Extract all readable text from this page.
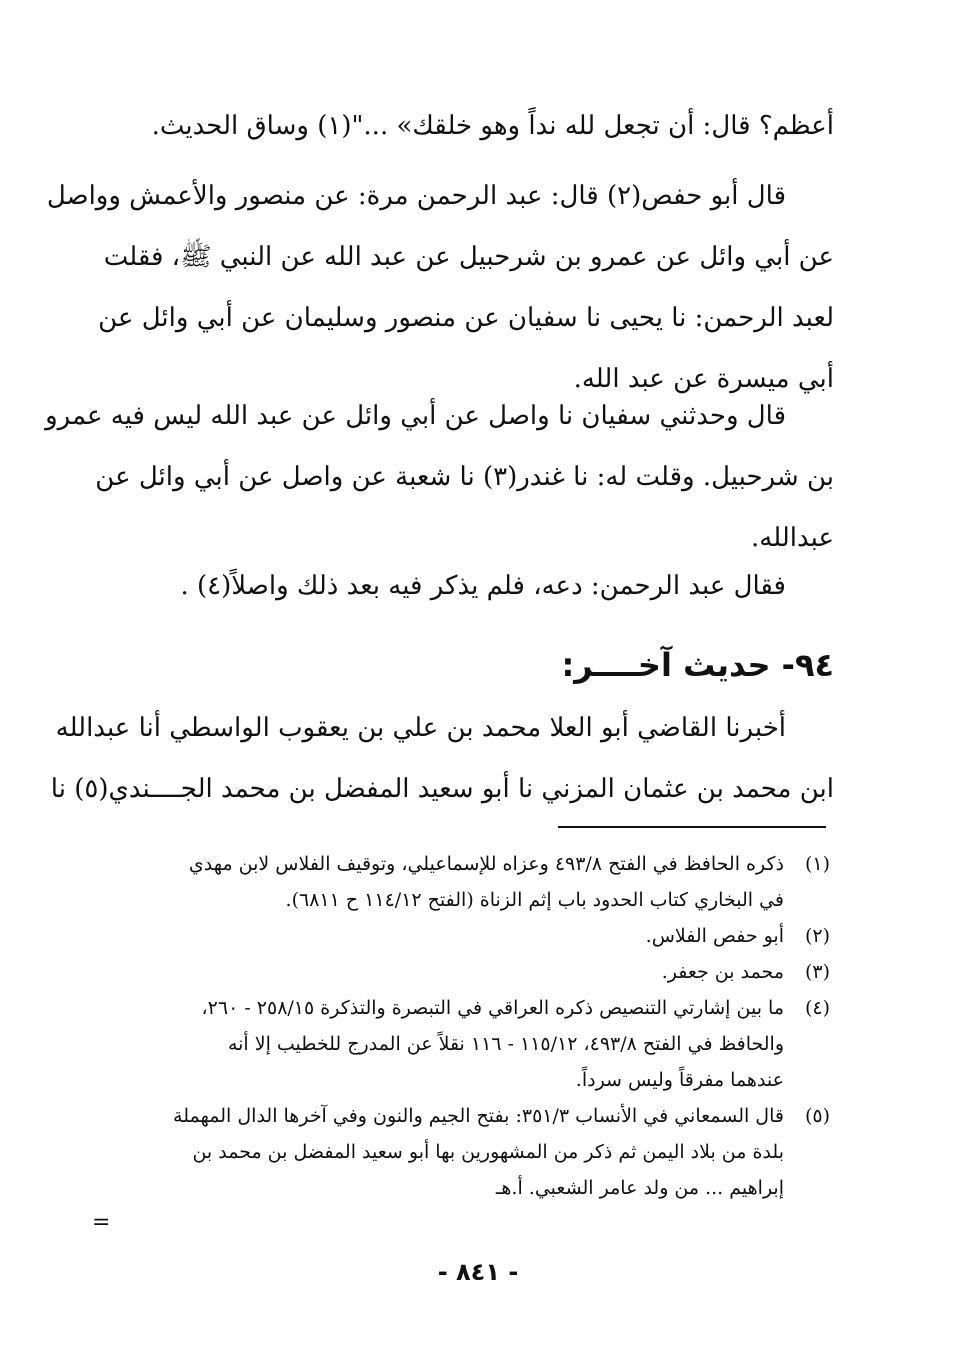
أعظم؟ قال: أن تجعل لله نداً وهو خلقك» ..."(١) وساق الحديث.
قال أبو حفص(٢) قال: عبد الرحمن مرة: عن منصور والأعمش وواصل
عن أبي وائل عن عمرو بن شرحبيل عن عبد الله عن النبي ﷺ، فقلت
لعبد الرحمن: نا يحيى نا سفيان عن منصور وسليمان عن أبي وائل عن
أبي ميسرة عن عبد الله.
قال وحدثني سفيان نا واصل عن أبي وائل عن عبد الله ليس فيه عمرو
بن شرحبيل. وقلت له: نا غندر(٣) نا شعبة عن واصل عن أبي وائل عن
عبدالله.
فقال عبد الرحمن: دعه، فلم يذكر فيه بعد ذلك واصلاً(٤) .
٩٤- حديث آخــــر:
أخبرنا القاضي أبو العلا محمد بن علي بن يعقوب الواسطي أنا عبدالله
ابن محمد بن عثمان المزني نا أبو سعيد المفضل بن محمد الجــــندي(٥) نا
(١)
ذكره الحافظ في الفتح ٤٩٣/٨ وعزاه للإسماعيلي، وتوقيف الفلاس لابن مهدي
في البخاري كتاب الحدود باب إثم الزناة (الفتح ١١٤/١٢ ح ٦٨١١).
(٢)
أبو حفص الفلاس.
(٣)
محمد بن جعفر.
(٤)
ما بين إشارتي التنصيص ذكره العراقي في التبصرة والتذكرة ٢٥٨/١٥ - ٢٦٠،
والحافظ في الفتح ٤٩٣/٨، ١١٥/١٢ - ١١٦ نقلاً عن المدرج للخطيب إلا أنه
عندهما مفرقاً وليس سرداً.
(٥)
قال السمعاني في الأنساب ٣٥١/٣: بفتح الجيم والنون وفي آخرها الدال المهملة
بلدة من بلاد اليمن ثم ذكر من المشهورين بها أبو سعيد المفضل بن محمد بن
إبراهيم ... من ولد عامر الشعبي. أ.هـ
=
- ٨٤١ -
